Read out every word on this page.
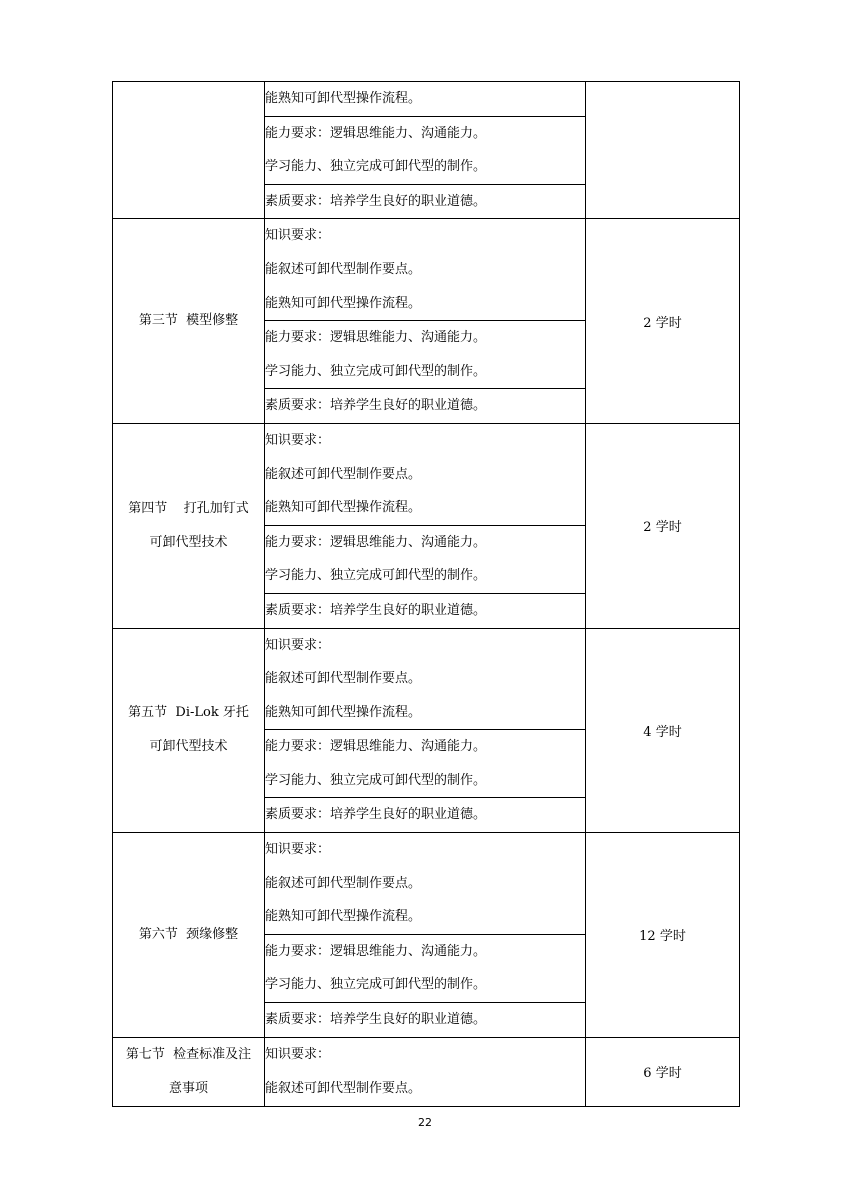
	能熟知可卸代型操作流程。	

	能力要求：逻辑思维能力、沟通能力。
学习能力、独立完成可卸代型的制作。	

	素质要求：培养学生良好的职业道德。	

第三节  模型修整	知识要求：
能叙述可卸代型制作要点。
能熟知可卸代型操作流程。	2 学时

	能力要求：逻辑思维能力、沟通能力。
学习能力、独立完成可卸代型的制作。	

	素质要求：培养学生良好的职业道德。	

第四节    打孔加钉式
可卸代型技术	知识要求：
能叙述可卸代型制作要点。
能熟知可卸代型操作流程。	2 学时

	能力要求：逻辑思维能力、沟通能力。
学习能力、独立完成可卸代型的制作。	

	素质要求：培养学生良好的职业道德。	

第五节  Di-Lok 牙托
可卸代型技术	知识要求：
能叙述可卸代型制作要点。
能熟知可卸代型操作流程。	4 学时

	能力要求：逻辑思维能力、沟通能力。
学习能力、独立完成可卸代型的制作。	

	素质要求：培养学生良好的职业道德。	

第六节  颈缘修整	知识要求：
能叙述可卸代型制作要点。
能熟知可卸代型操作流程。	12 学时

	能力要求：逻辑思维能力、沟通能力。
学习能力、独立完成可卸代型的制作。	

	素质要求：培养学生良好的职业道德。	

第七节  检查标准及注
意事项	知识要求：
能叙述可卸代型制作要点。	6 学时
22
